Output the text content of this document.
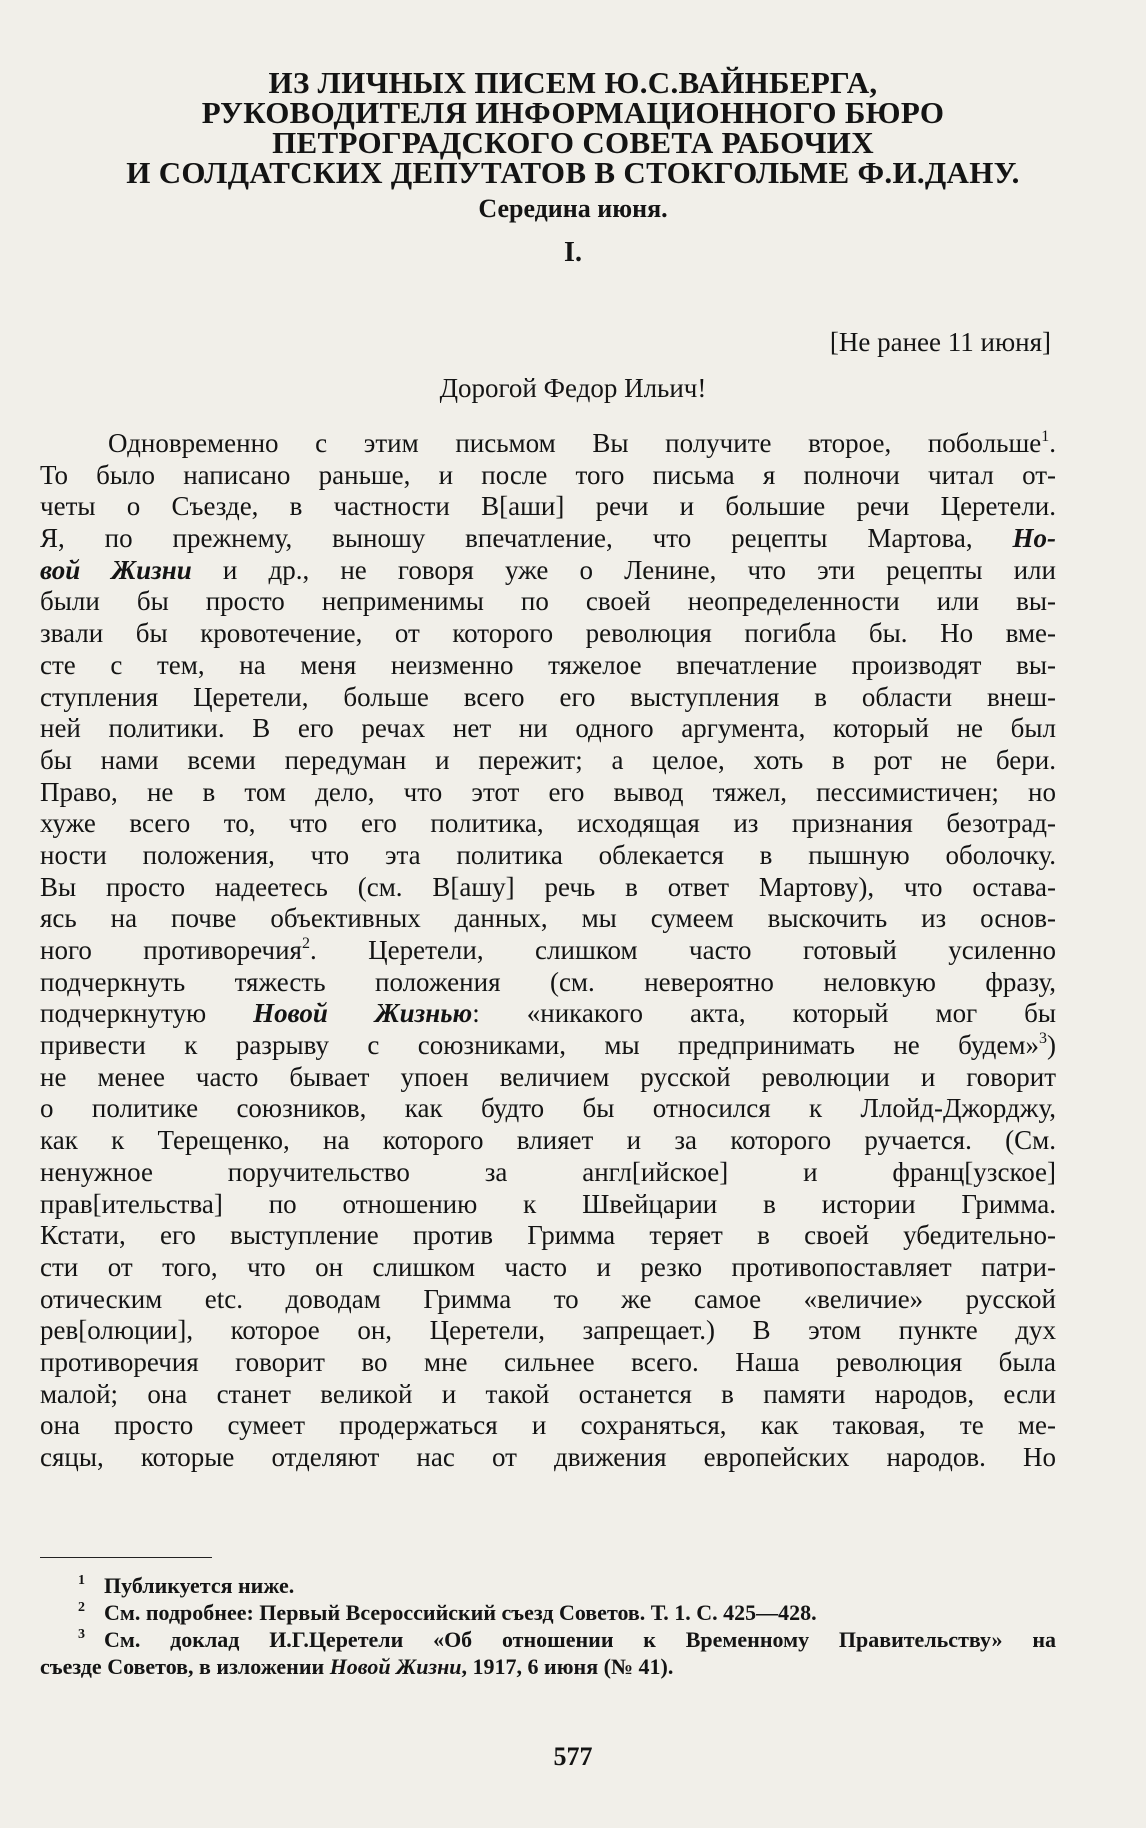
ИЗ ЛИЧНЫХ ПИСЕМ Ю.С.ВАЙНБЕРГА,
РУКОВОДИТЕЛЯ ИНФОРМАЦИОННОГО БЮРО
ПЕТРОГРАДСКОГО СОВЕТА РАБОЧИХ
И СОЛДАТСКИХ ДЕПУТАТОВ В СТОКГОЛЬМЕ Ф.И.ДАНУ.
Середина июня.
I.
[Не ранее 11 июня]
Дорогой Федор Ильич!
Одновременно с этим письмом Вы получите второе, побольше$^1$.
То было написано раньше, и после того письма я полночи читал от-
четы о Съезде, в частности В[аши] речи и большие речи Церетели.
Я, по прежнему, выношу впечатление, что рецепты Мартова, Но-
вой Жизни и др., не говоря уже о Ленине, что эти рецепты или
были бы просто неприменимы по своей неопределенности или вы-
звали бы кровотечение, от которого революция погибла бы. Но вме-
сте с тем, на меня неизменно тяжелое впечатление производят вы-
ступления Церетели, больше всего его выступления в области внеш-
ней политики. В его речах нет ни одного аргумента, который не был
бы нами всеми передуман и пережит; а целое, хоть в рот не бери.
Право, не в том дело, что этот его вывод тяжел, пессимистичен; но
хуже всего то, что его политика, исходящая из признания безотрад-
ности положения, что эта политика облекается в пышную оболочку.
Вы просто надеетесь (см. В[ашу] речь в ответ Мартову), что остава-
ясь на почве объективных данных, мы сумеем выскочить из основ-
ного противоречия$^2$. Церетели, слишком часто готовый усиленно
подчеркнуть тяжесть положения (см. невероятно неловкую фразу,
подчеркнутую Новой Жизнью: «никакого акта, который мог бы
привести к разрыву с союзниками, мы предпринимать не будем»$^3$)
не менее часто бывает упоен величием русской революции и говорит
о политике союзников, как будто бы относился к Ллойд-Джорджу,
как к Терещенко, на которого влияет и за которого ручается. (См.
ненужное поручительство за англ[ийское] и франц[узское]
прав[ительства] по отношению к Швейцарии в истории Гримма.
Кстати, его выступление против Гримма теряет в своей убедительно-
сти от того, что он слишком часто и резко противопоставляет патри-
отическим etc. доводам Гримма то же самое «величие» русской
рев[олюции], которое он, Церетели, запрещает.) В этом пункте дух
противоречия говорит во мне сильнее всего. Наша революция была
малой; она станет великой и такой останется в памяти народов, если
она просто сумеет продержаться и сохраняться, как таковая, те ме-
сяцы, которые отделяют нас от движения европейских народов. Но
$^1$ Публикуется ниже.
$^2$ См. подробнее: Первый Всероссийский съезд Советов. Т. 1. С. 425—428.
$^3$ См. доклад И.Г.Церетели «Об отношении к Временному Правительству» на
съезде Советов, в изложении Новой Жизни, 1917, 6 июня (№ 41).
577
